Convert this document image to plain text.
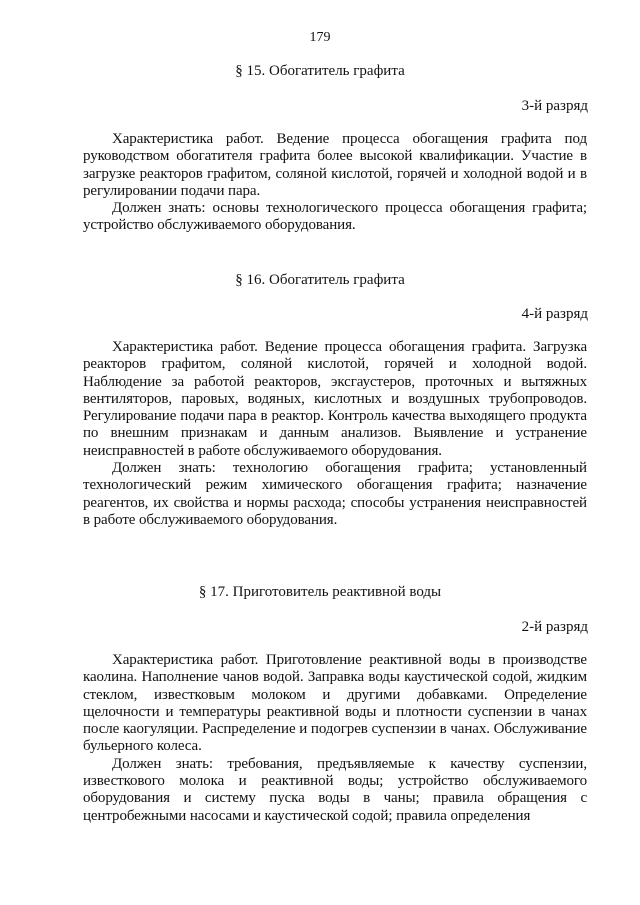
179
§ 15. Обогатитель графита
3-й разряд

Характеристика работ. Ведение процесса обогащения графита под руководством обогатителя графита более высокой квалификации. Участие в загрузке реакторов графитом, соляной кислотой, горячей и холодной водой и в регулировании подачи пара.

Должен знать: основы технологического процесса обогащения графита; устройство обслуживаемого оборудования.

§ 16. Обогатитель графита
4-й разряд

Характеристика работ. Ведение процесса обогащения графита. Загрузка реакторов графитом, соляной кислотой, горячей и холодной водой. Наблюдение за работой реакторов, эксгаустеров, проточных и вытяжных вентиляторов, паровых, водяных, кислотных и воздушных трубопроводов. Регулирование подачи пара в реактор. Контроль качества выходящего продукта по внешним признакам и данным анализов. Выявление и устранение неисправностей в работе обслуживаемого оборудования.

Должен знать: технологию обогащения графита; установленный технологический режим химического обогащения графита; назначение реагентов, их свойства и нормы расхода; способы устранения неисправностей в работе обслуживаемого оборудования.

§ 17. Приготовитель реактивной воды
2-й разряд

Характеристика работ. Приготовление реактивной воды в производстве каолина. Наполнение чанов водой. Заправка воды каустической содой, жидким стеклом, известковым молоком и другими добавками. Определение щелочности и температуры реактивной воды и плотности суспензии в чанах после каогуляции. Распределение и подогрев суспензии в чанах. Обслуживание бульерного колеса.

Должен знать: требования, предъявляемые к качеству суспензии, известкового молока и реактивной воды; устройство обслуживаемого оборудования и систему пуска воды в чаны; правила обращения с центробежными насосами и каустической содой; правила определения
